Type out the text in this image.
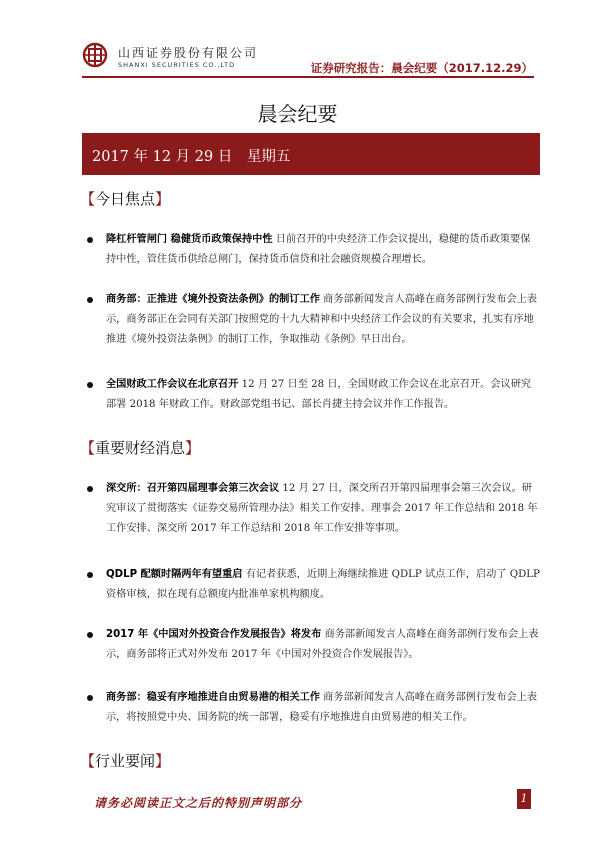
山西证券股份有限公司
SHANXI SECURITIES CO.,LTD	证券研究报告：晨会纪要（2017.12.29）
晨会纪要
2017 年 12 月 29 日　星期五
【今日焦点】
降杠杆管闸门 稳健货币政策保持中性 日前召开的中央经济工作会议提出，稳健的货币政策要保持中性，管住货币供给总闸门，保持货币信贷和社会融资规模合理增长。
商务部：正推进《境外投资法条例》的制订工作 商务部新闻发言人高峰在商务部例行发布会上表示，商务部正在会同有关部门按照党的十九大精神和中央经济工作会议的有关要求，扎实有序地推进《境外投资法条例》的制订工作，争取推动《条例》早日出台。
全国财政工作会议在北京召开 12 月 27 日至 28 日，全国财政工作会议在北京召开。会议研究部署 2018 年财政工作。财政部党组书记、部长肖捷主持会议并作工作报告。
【重要财经消息】
深交所：召开第四届理事会第三次会议 12 月 27 日，深交所召开第四届理事会第三次会议。研究审议了贯彻落实《证券交易所管理办法》相关工作安排、理事会 2017 年工作总结和 2018 年工作安排、深交所 2017 年工作总结和 2018 年工作安排等事项。
QDLP 配额时隔两年有望重启 有记者获悉，近期上海继续推进 QDLP 试点工作，启动了 QDLP 资格审核，拟在现有总额度内批准单家机构额度。
2017 年《中国对外投资合作发展报告》将发布 商务部新闻发言人高峰在商务部例行发布会上表示，商务部将正式对外发布 2017 年《中国对外投资合作发展报告》。
商务部：稳妥有序地推进自由贸易港的相关工作 商务部新闻发言人高峰在商务部例行发布会上表示，将按照党中央、国务院的统一部署，稳妥有序地推进自由贸易港的相关工作。
【行业要闻】
请务必阅读正文之后的特别声明部分	1
